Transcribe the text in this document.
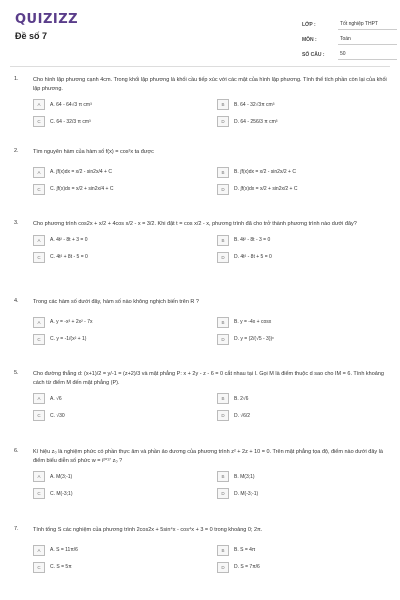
QUIZIZZ
Đề số 7
LỚP :	Tốt nghiệp THPT
MÔN :	Toán
SỐ CÂU :	50
1.	Cho hình lập phương cạnh 4cm. Trong khối lập phương là khối cầu tiếp xúc với các mặt của hình lập phương. Tính thể tích phần còn lại của khối lập phương.
A	A. 64 - 64√3 π cm³	B	B. 64 - 32√3π cm³
C	C. 64 - 32/3 π cm³	D	D. 64 - 256/3 π cm³
2.	Tìm nguyên hàm của hàm số f(x) = cos²x ta được
A	A. ∫f(x)dx = x/2 - sin2x/4 + C	B	B. ∫f(x)dx = x/2 - sin2x/2 + C
C	C. ∫f(x)dx = x/2 + sin2x/4 + C	D	D. ∫f(x)dx = x/2 + sin2x/2 + C
3.	Cho phương trình cos2x + x/2 + 4cos x/2 - x = 3/2. Khi đặt t = cos x/2 - x, phương trình đã cho trở thành phương trình nào dưới đây?
A	A. 4t² - 8t + 3 = 0	B	B. 4t² - 8t - 3 = 0
C	C. 4t² + 8t - 5 = 0	D	D. 4t² - 8t + 5 = 0
4.	Trong các hàm số dưới đây, hàm số nào không nghịch biến trên R ?
A	A. y = -x³ + 2x² - 7x	B	B. y = -4x + cosx
C	C. y = -1/(x² + 1)	D	D. y = (2/(√5 - 3))ˣ
5.	Cho đường thẳng d: (x+1)/2 = y/-1 = (z+2)/3 và mặt phẳng P: x + 2y - z - 6 = 0 cắt nhau tại I. Gọi M là điểm thuộc d sao cho IM = 6. Tính khoảng cách từ điểm M đến mặt phẳng (P).
A	A. √6	B	B. 2√6
C	C. √30	D	D. √6/2
6.	Kí hiệu z₀ là nghiệm phức có phần thực âm và phần ảo dương của phương trình z² + 2z + 10 = 0. Trên mặt phẳng tọa độ, điểm nào dưới đây là điểm biểu diễn số phức w = i²⁰¹⁷ z₀ ?
A	A. M(3;-1)	B	B. M(3;1)
C	C. M(-3;1)	D	D. M(-3;-1)
7.	Tính tổng S các nghiệm của phương trình 2cos2x + 5sin⁴x - cos⁴x + 3 = 0 trong khoảng 0; 2π.
A	A. S = 11π/6	B	B. S = 4π
C	C. S = 5π	D	D. S = 7π/6
